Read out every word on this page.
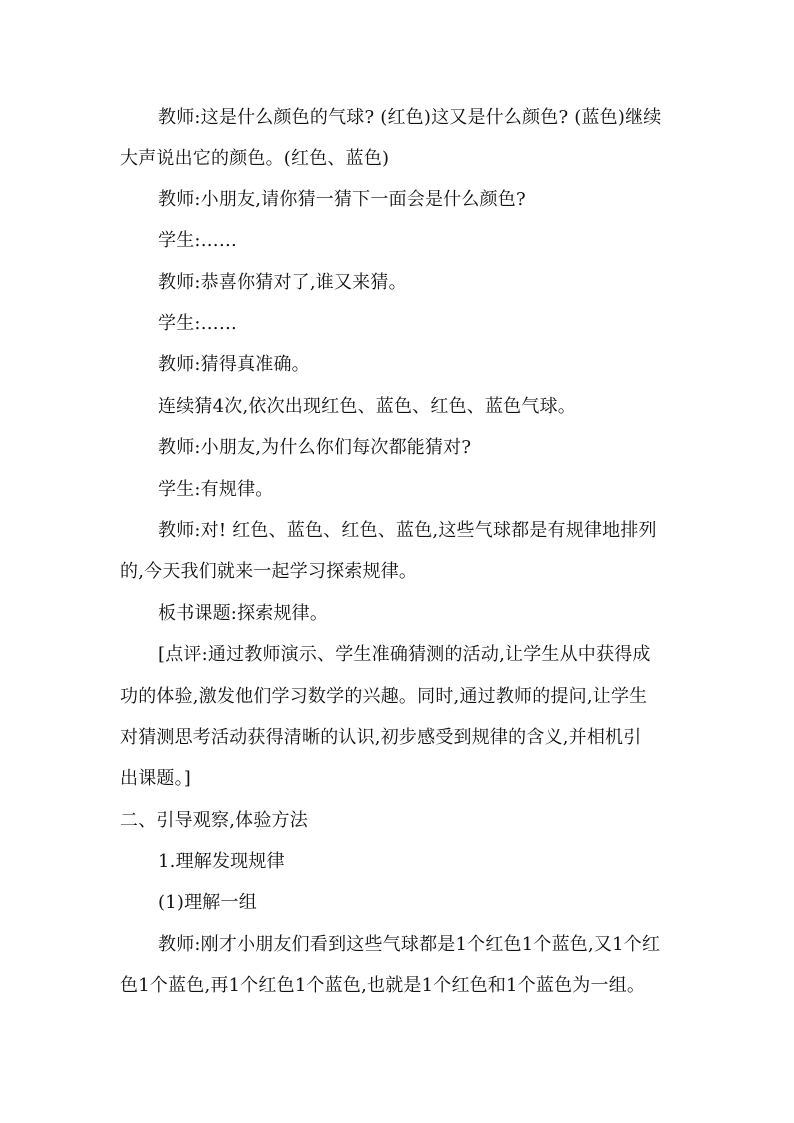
教师:这是什么颜色的气球? (红色)这又是什么颜色? (蓝色)继续
大声说出它的颜色。(红色、蓝色)
教师:小朋友,请你猜一猜下一面会是什么颜色?
学生:……
教师:恭喜你猜对了,谁又来猜。
学生:……
教师:猜得真准确。
连续猜4次,依次出现红色、蓝色、红色、蓝色气球。
教师:小朋友,为什么你们每次都能猜对?
学生:有规律。
教师:对! 红色、蓝色、红色、蓝色,这些气球都是有规律地排列
的,今天我们就来一起学习探索规律。
板书课题:探索规律。
[点评:通过教师演示、学生准确猜测的活动,让学生从中获得成
功的体验,激发他们学习数学的兴趣。同时,通过教师的提问,让学生
对猜测思考活动获得清晰的认识,初步感受到规律的含义,并相机引
出课题。]
二、引导观察,体验方法
1.理解发现规律
(1)理解一组
教师:刚才小朋友们看到这些气球都是1个红色1个蓝色,又1个红
色1个蓝色,再1个红色1个蓝色,也就是1个红色和1个蓝色为一组。
